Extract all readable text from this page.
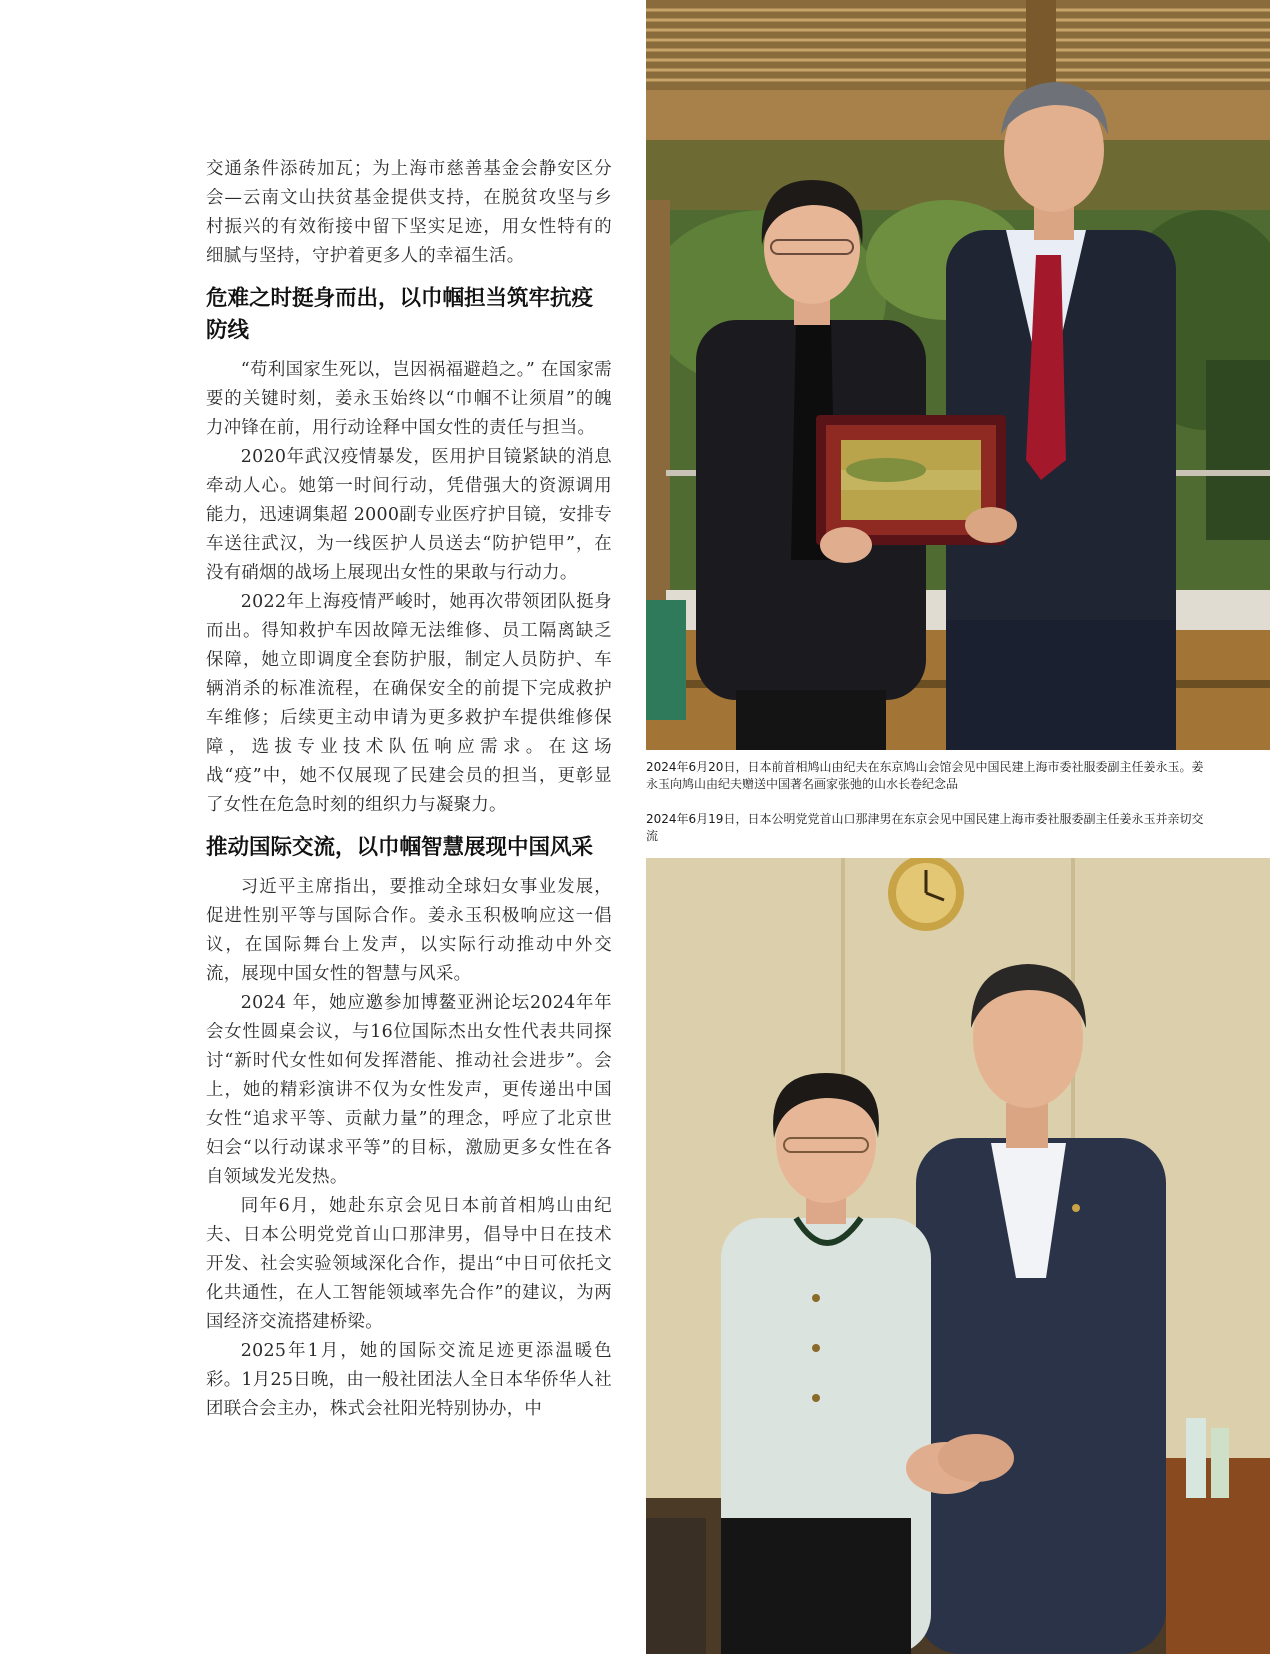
交通条件添砖加瓦；为上海市慈善基金会静安区分会—云南文山扶贫基金提供支持，在脱贫攻坚与乡村振兴的有效衔接中留下坚实足迹，用女性特有的细腻与坚持，守护着更多人的幸福生活。

危难之时挺身而出，以巾帼担当筑牢抗疫防线

“苟利国家生死以，岂因祸福避趋之。” 在国家需要的关键时刻，姜永玉始终以“巾帼不让须眉”的魄力冲锋在前，用行动诠释中国女性的责任与担当。

2020年武汉疫情暴发，医用护目镜紧缺的消息牵动人心。她第一时间行动，凭借强大的资源调用能力，迅速调集超 2000副专业医疗护目镜，安排专车送往武汉，为一线医护人员送去“防护铠甲”，在没有硝烟的战场上展现出女性的果敢与行动力。

2022年上海疫情严峻时，她再次带领团队挺身而出。得知救护车因故障无法维修、员工隔离缺乏保障，她立即调度全套防护服，制定人员防护、车辆消杀的标准流程，在确保安全的前提下完成救护车维修；后续更主动申请为更多救护车提供维修保障，选拔专业技术队伍响应需求。在这场战“疫”中，她不仅展现了民建会员的担当，更彰显了女性在危急时刻的组织力与凝聚力。

推动国际交流，以巾帼智慧展现中国风采

习近平主席指出，要推动全球妇女事业发展，促进性别平等与国际合作。姜永玉积极响应这一倡议，在国际舞台上发声，以实际行动推动中外交流，展现中国女性的智慧与风采。

2024 年，她应邀参加博鳌亚洲论坛2024年年会女性圆桌会议，与16位国际杰出女性代表共同探讨“新时代女性如何发挥潜能、推动社会进步”。会上，她的精彩演讲不仅为女性发声，更传递出中国女性“追求平等、贡献力量”的理念，呼应了北京世妇会“以行动谋求平等”的目标，激励更多女性在各自领域发光发热。

同年6月，她赴东京会见日本前首相鸠山由纪夫、日本公明党党首山口那津男，倡导中日在技术开发、社会实验领域深化合作，提出“中日可依托文化共通性，在人工智能领域率先合作”的建议，为两国经济交流搭建桥梁。

2025年1月，她的国际交流足迹更添温暖色彩。1月25日晚，由一般社团法人全日本华侨华人社团联合会主办，株式会社阳光特别协办，中

2024年6月20日，日本前首相鸠山由纪夫在东京鸠山会馆会见中国民建上海市委社服委副主任姜永玉。姜永玉向鸠山由纪夫赠送中国著名画家张弛的山水长卷纪念品
2024年6月19日，日本公明党党首山口那津男在东京会见中国民建上海市委社服委副主任姜永玉并亲切交流
